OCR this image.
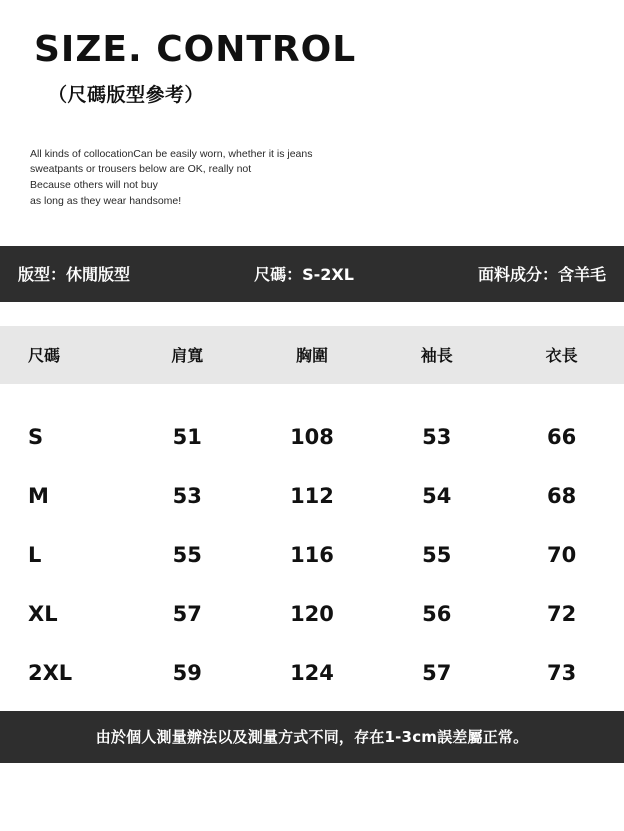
SIZE. CONTROL
（尺碼版型參考）
All kinds of collocationCan be easily worn, whether it is jeans
sweatpants or trousers below are OK, really not
Because others will not buy
as long as they wear handsome!
版型：休閒版型	尺碼：S-2XL	面料成分：含羊毛

尺碼	肩寬	胸圍	袖長	衣長

S	51	108	53	66
M	53	112	54	68
L	55	116	55	70
XL	57	120	56	72
2XL	59	124	57	73
由於個人測量辦法以及測量方式不同，存在1-3cm誤差屬正常。
